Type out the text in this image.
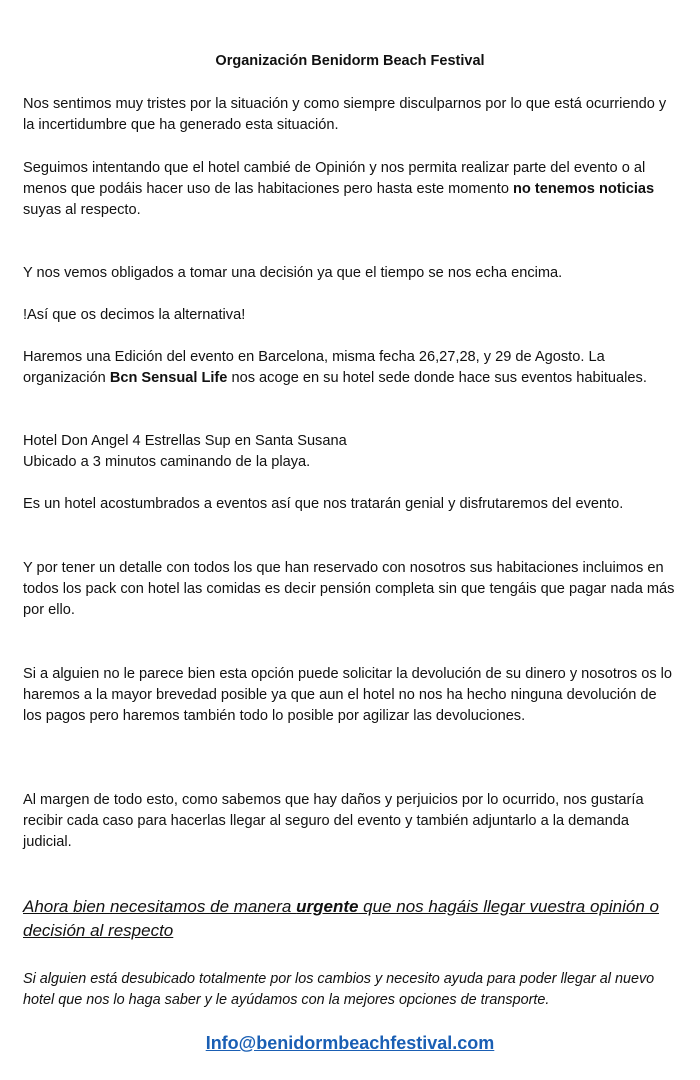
Organización Benidorm Beach Festival

Nos sentimos muy tristes por la situación y como siempre disculparnos por lo que está ocurriendo y la incertidumbre que ha generado esta situación.

Seguimos intentando que el hotel cambié de Opinión y nos permita realizar parte del evento o al menos que podáis hacer uso de las habitaciones pero hasta este momento no tenemos noticias suyas al respecto.

Y nos vemos obligados a tomar una decisión ya que el tiempo se nos echa encima.

!Así que os decimos la alternativa!

Haremos una Edición del evento en Barcelona, misma fecha 26,27,28, y 29 de Agosto. La organización Bcn Sensual Life nos acoge en su hotel sede donde hace sus eventos habituales.

Hotel Don Angel 4 Estrellas Sup en Santa Susana
Ubicado a 3 minutos caminando de la playa.

Es un hotel acostumbrados a eventos así que nos tratarán genial y disfrutaremos del evento.

Y por tener un detalle con todos los que han reservado con nosotros sus habitaciones incluimos en todos los pack con hotel las comidas es decir pensión completa sin que tengáis que pagar nada más por ello.

Si a alguien no le parece bien esta opción puede solicitar la devolución de su dinero y nosotros os lo haremos a la mayor brevedad posible ya que aun el hotel no nos ha hecho ninguna devolución de los pagos pero haremos también todo lo posible por agilizar las devoluciones.

Al margen de todo esto, como sabemos que hay daños y perjuicios por lo ocurrido, nos gustaría recibir cada caso para hacerlas llegar al seguro del evento y también adjuntarlo a la demanda judicial.

Ahora bien necesitamos de manera urgente que nos hagáis llegar vuestra opinión o decisión al respecto

Si alguien está desubicado totalmente por los cambios y necesito ayuda para poder llegar al nuevo hotel que nos lo haga saber y le ayúdamos con la mejores opciones de transporte.

Info@benidormbeachfestival.com
